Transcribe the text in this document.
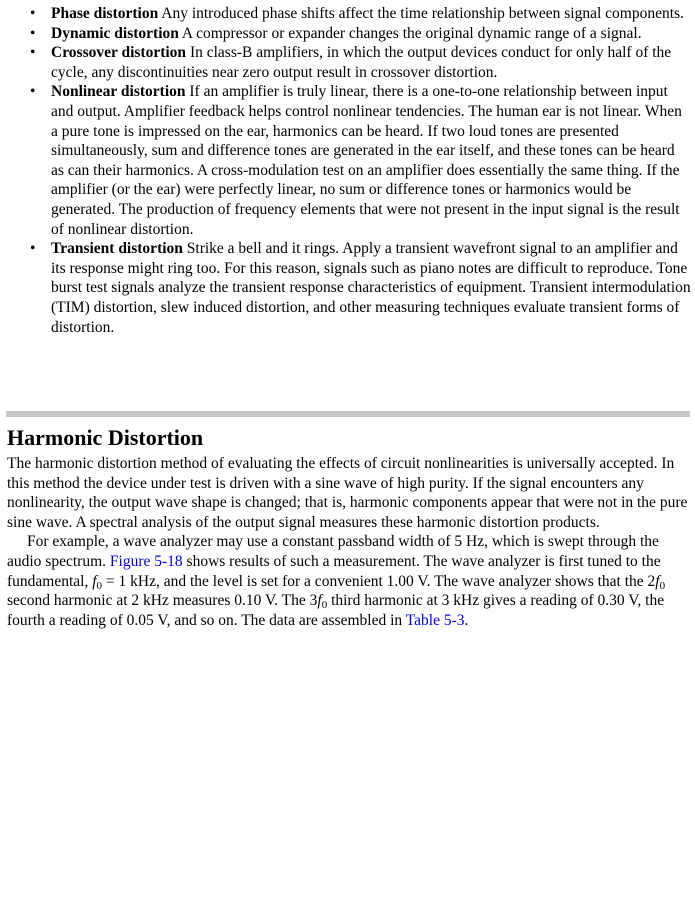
• Phase distortion Any introduced phase shifts affect the time relationship between signal components.
• Dynamic distortion A compressor or expander changes the original dynamic range of a signal.
• Crossover distortion In class-B amplifiers, in which the output devices conduct for only half of the cycle, any discontinuities near zero output result in crossover distortion.
• Nonlinear distortion If an amplifier is truly linear, there is a one-to-one relationship between input and output. Amplifier feedback helps control nonlinear tendencies. The human ear is not linear. When a pure tone is impressed on the ear, harmonics can be heard. If two loud tones are presented simultaneously, sum and difference tones are generated in the ear itself, and these tones can be heard as can their harmonics. A cross-modulation test on an amplifier does essentially the same thing. If the amplifier (or the ear) were perfectly linear, no sum or difference tones or harmonics would be generated. The production of frequency elements that were not present in the input signal is the result of nonlinear distortion.
• Transient distortion Strike a bell and it rings. Apply a transient wavefront signal to an amplifier and its response might ring too. For this reason, signals such as piano notes are difficult to reproduce. Tone burst test signals analyze the transient response characteristics of equipment. Transient intermodulation (TIM) distortion, slew induced distortion, and other measuring techniques evaluate transient forms of distortion.
Harmonic Distortion

The harmonic distortion method of evaluating the effects of circuit nonlinearities is universally accepted. In this method the device under test is driven with a sine wave of high purity. If the signal encounters any nonlinearity, the output wave shape is changed; that is, harmonic components appear that were not in the pure sine wave. A spectral analysis of the output signal measures these harmonic distortion products.

For example, a wave analyzer may use a constant passband width of 5 Hz, which is swept through the audio spectrum. Figure 5-18 shows results of such a measurement. The wave analyzer is first tuned to the fundamental, $f_0 = 1$ kHz, and the level is set for a convenient 1.00 V. The wave analyzer shows that the $2f_0$ second harmonic at 2 kHz measures 0.10 V. The $3f_0$ third harmonic at 3 kHz gives a reading of 0.30 V, the fourth a reading of 0.05 V, and so on. The data are assembled in Table 5-3.
